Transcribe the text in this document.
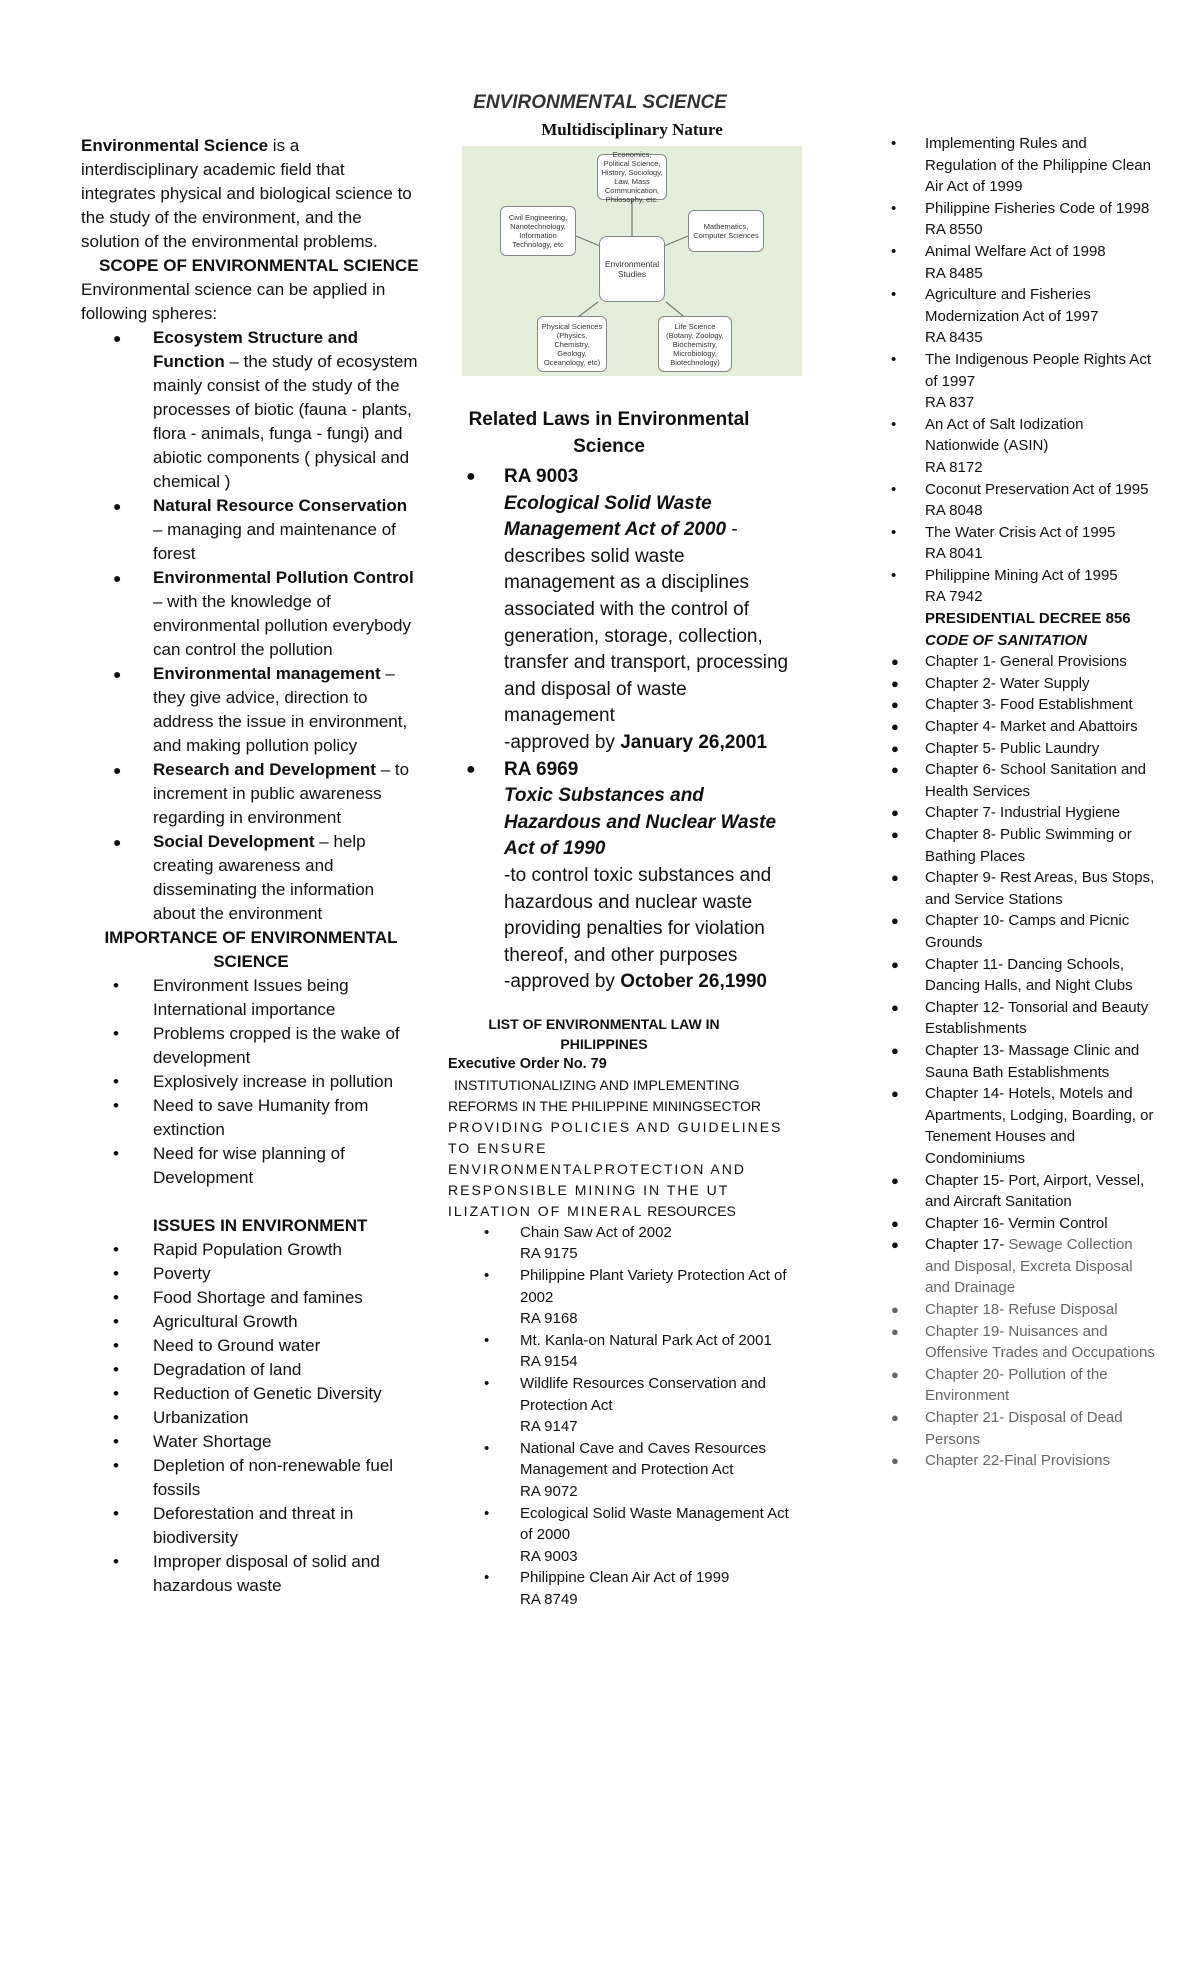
ENVIRONMENTAL SCIENCE

Environmental Science is a interdisciplinary academic field that integrates physical and biological science to the study of the environment, and the solution of the environmental problems.

SCOPE OF ENVIRONMENTAL SCIENCE

Environmental science can be applied in following spheres:

● Ecosystem Structure and Function – the study of ecosystem mainly consist of the study of the processes of biotic (fauna - plants, flora - animals, funga - fungi) and abiotic components ( physical and chemical )
● Natural Resource Conservation – managing and maintenance of forest
● Environmental Pollution Control – with the knowledge of environmental pollution everybody can control the pollution
● Environmental management – they give advice, direction to address the issue in environment, and making pollution policy
● Research and Development – to increment in public awareness regarding in environment
● Social Development – help creating awareness and disseminating the information about the environment

IMPORTANCE OF ENVIRONMENTAL SCIENCE

• Environment Issues being International importance
• Problems cropped is the wake of development
• Explosively increase in pollution
• Need to save Humanity from extinction
• Need for wise planning of Development

ISSUES IN ENVIRONMENT

• Rapid Population Growth
• Poverty
• Food Shortage and famines
• Agricultural Growth
• Need to Ground water
• Degradation of land
• Reduction of Genetic Diversity
• Urbanization
• Water Shortage
• Depletion of non-renewable fuel fossils
• Deforestation and threat in biodiversity
• Improper disposal of solid and hazardous waste
Multidisciplinary Nature
Economics, Political Science, History, Sociology, Law, Mass Communication, Philosophy, etc.
Civil Engineering, Nanotechnology, Information Technology, etc
Mathematics, Computer Sciences
Environmental Studies
Physical Sciences (Physics, Chemistry, Geology, Oceanology, etc)
Life Science (Botany, Zoology, Biochemistry, Microbiology, Biotechnology)
Related Laws in Environmental Science
● RA 9003
Ecological Solid Waste Management Act of 2000 - describes solid waste management as a disciplines associated with the control of generation, storage, collection, transfer and transport, processing and disposal of waste management
-approved by January 26,2001
● RA 6969
Toxic Substances and Hazardous and Nuclear Waste Act of 1990
-to control toxic substances and hazardous and nuclear waste providing penalties for violation thereof, and other purposes
-approved by October 26,1990
LIST OF ENVIRONMENTAL LAW IN PHILIPPINES

Executive Order No. 79

INSTITUTIONALIZING AND IMPLEMENTING REFORMS IN THE PHILIPPINE MININGSECTOR PROVIDING POLICIES AND GUIDELINES TO ENSURE ENVIRONMENTALPROTECTION AND RESPONSIBLE MINING IN THE UT ILIZATION OF MINERAL RESOURCES

• Chain Saw Act of 2002
RA 9175
• Philippine Plant Variety Protection Act of 2002
RA 9168
• Mt. Kanla-on Natural Park Act of 2001
RA 9154
• Wildlife Resources Conservation and Protection Act
RA 9147
• National Cave and Caves Resources Management and Protection Act
RA 9072
• Ecological Solid Waste Management Act of 2000
RA 9003
• Philippine Clean Air Act of 1999
RA 8749
• Implementing Rules and Regulation of the Philippine Clean Air Act of 1999
• Philippine Fisheries Code of 1998
RA 8550
• Animal Welfare Act of 1998
RA 8485
• Agriculture and Fisheries Modernization Act of 1997
RA 8435
• The Indigenous People Rights Act of 1997
RA 837
• An Act of Salt Iodization Nationwide (ASIN)
RA 8172
• Coconut Preservation Act of 1995
RA 8048
• The Water Crisis Act of 1995
RA 8041
• Philippine Mining Act of 1995
RA 7942

PRESIDENTIAL DECREE 856

CODE OF SANITATION

● Chapter 1- General Provisions
● Chapter 2- Water Supply
● Chapter 3- Food Establishment
● Chapter 4- Market and Abattoirs
● Chapter 5- Public Laundry
● Chapter 6- School Sanitation and Health Services
● Chapter 7- Industrial Hygiene
● Chapter 8- Public Swimming or Bathing Places
● Chapter 9- Rest Areas, Bus Stops, and Service Stations
● Chapter 10- Camps and Picnic Grounds
● Chapter 11- Dancing Schools, Dancing Halls, and Night Clubs
● Chapter 12- Tonsorial and Beauty Establishments
● Chapter 13- Massage Clinic and Sauna Bath Establishments
● Chapter 14- Hotels, Motels and Apartments, Lodging, Boarding, or Tenement Houses and Condominiums
● Chapter 15- Port, Airport, Vessel, and Aircraft Sanitation
● Chapter 16- Vermin Control
● Chapter 17- Sewage Collection and Disposal, Excreta Disposal and Drainage
● Chapter 18- Refuse Disposal
● Chapter 19- Nuisances and Offensive Trades and Occupations
● Chapter 20- Pollution of the Environment
● Chapter 21- Disposal of Dead Persons
● Chapter 22-Final Provisions
